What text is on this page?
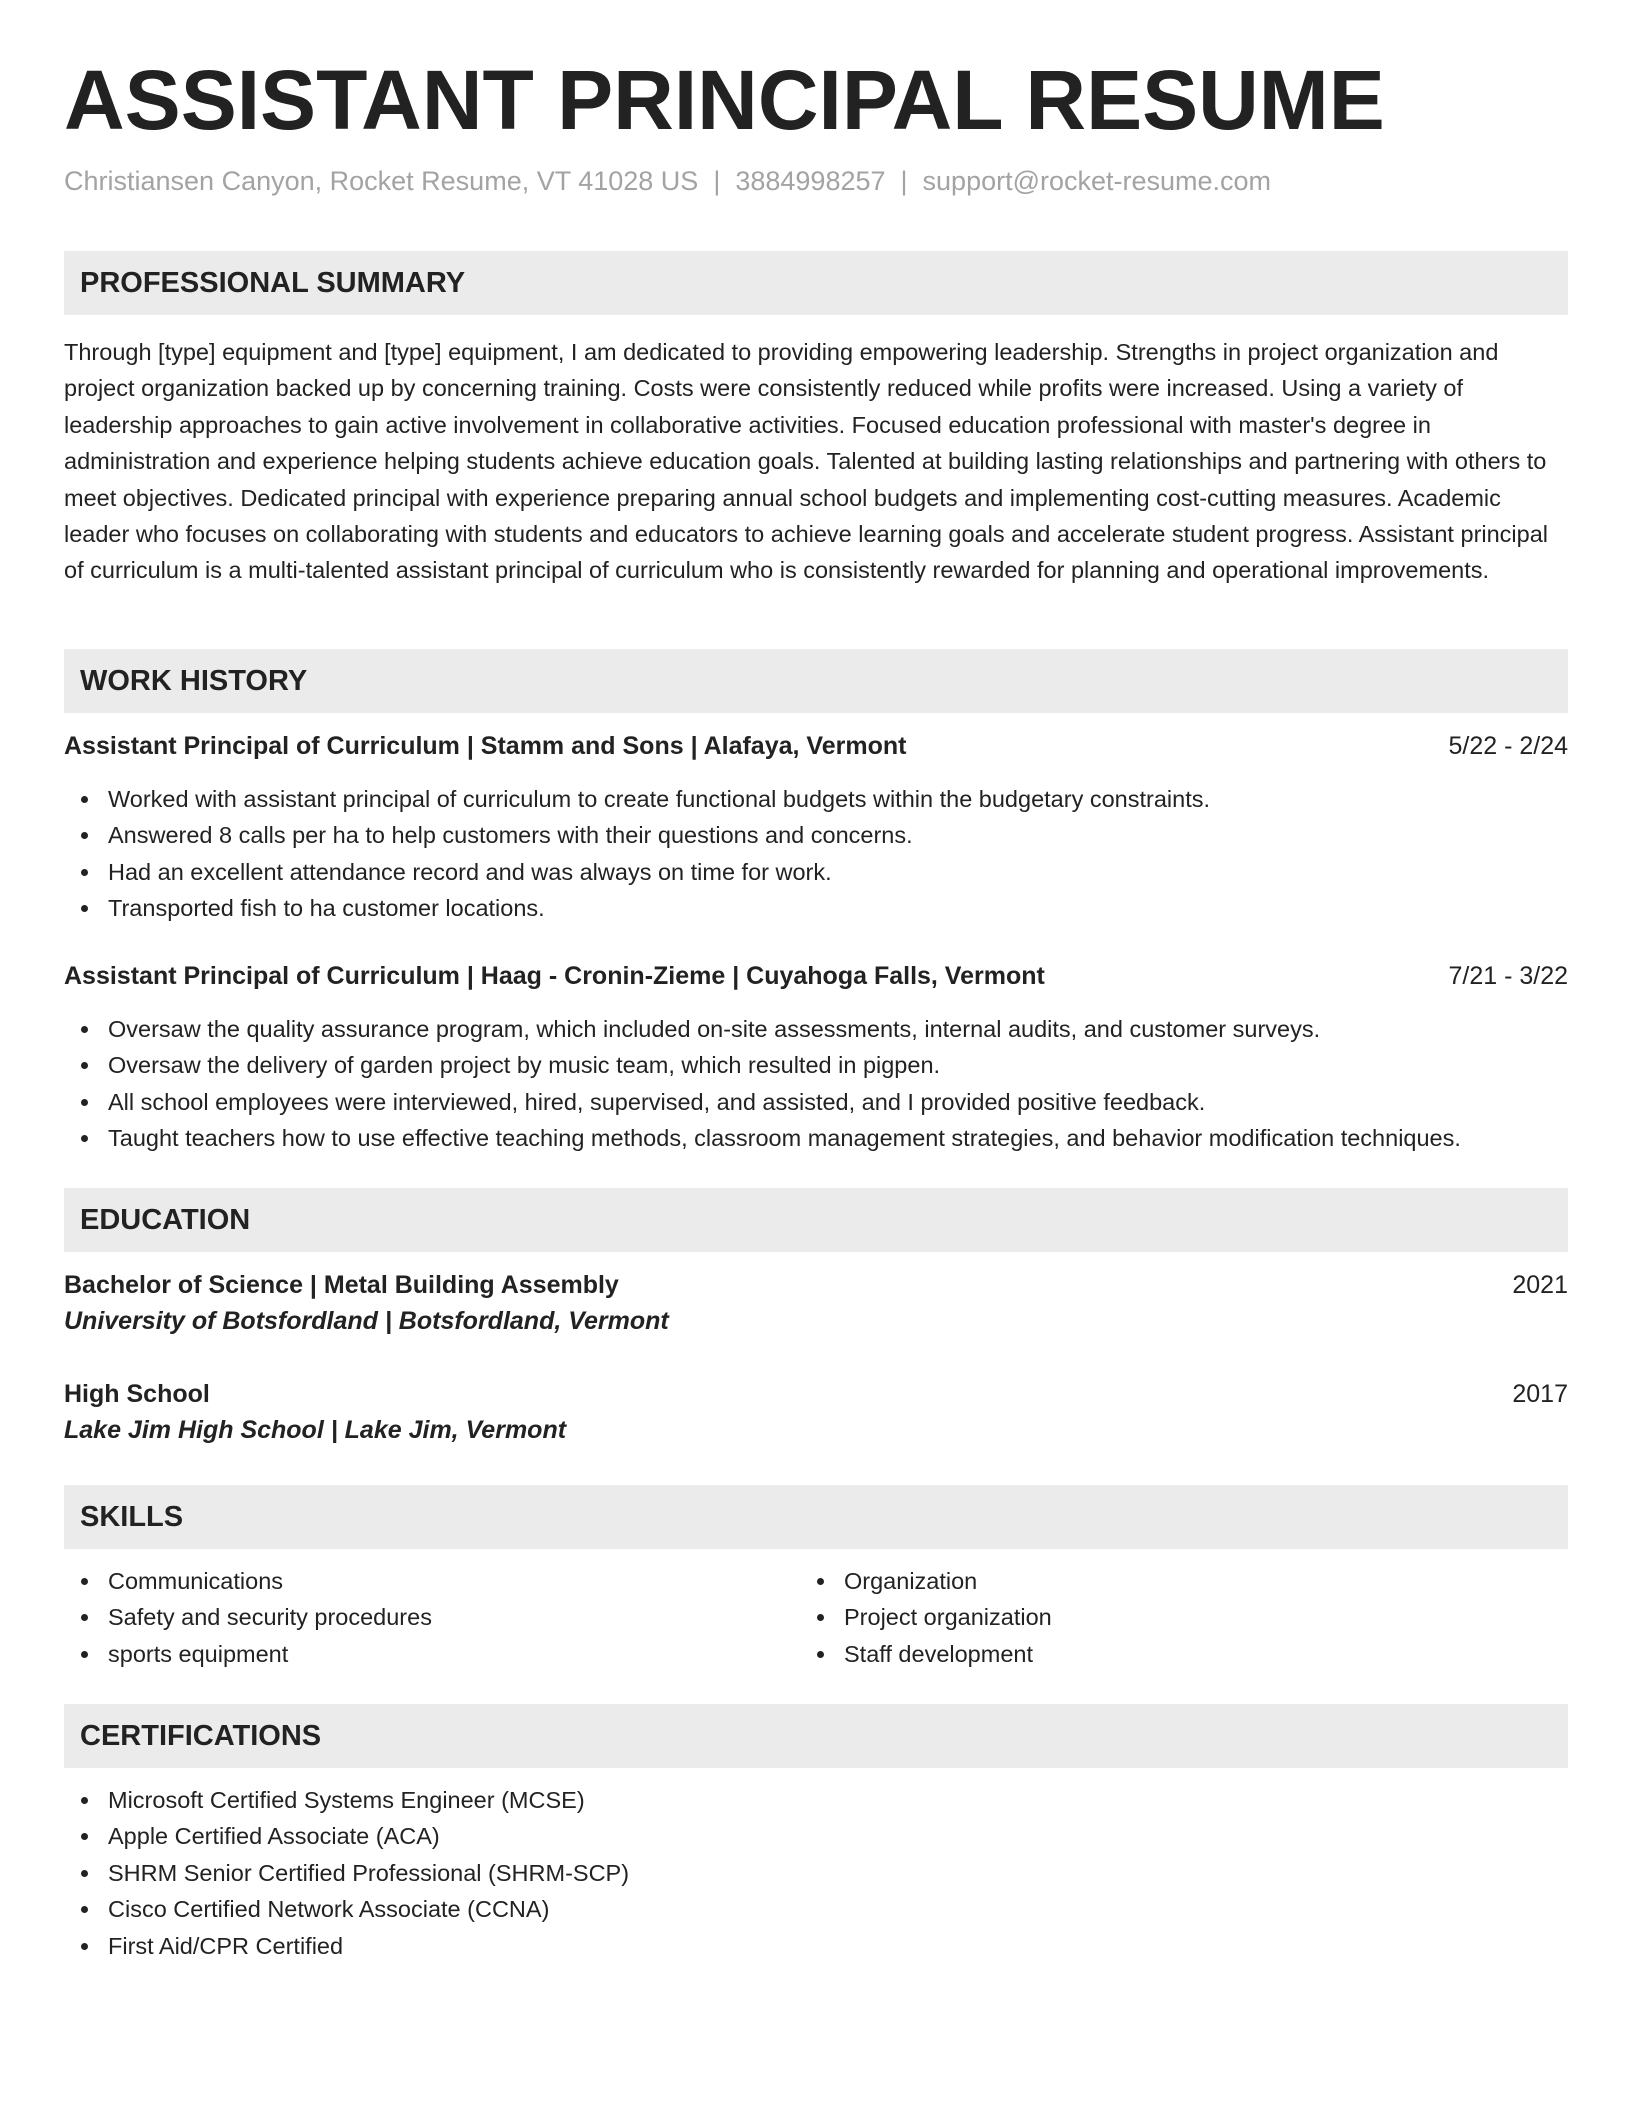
ASSISTANT PRINCIPAL RESUME
Christiansen Canyon, Rocket Resume, VT 41028 US | 3884998257 | support@rocket-resume.com
PROFESSIONAL SUMMARY

Through [type] equipment and [type] equipment, I am dedicated to providing empowering leadership. Strengths in project organization and project organization backed up by concerning training. Costs were consistently reduced while profits were increased. Using a variety of leadership approaches to gain active involvement in collaborative activities. Focused education professional with master's degree in administration and experience helping students achieve education goals. Talented at building lasting relationships and partnering with others to meet objectives. Dedicated principal with experience preparing annual school budgets and implementing cost-cutting measures. Academic leader who focuses on collaborating with students and educators to achieve learning goals and accelerate student progress. Assistant principal of curriculum is a multi-talented assistant principal of curriculum who is consistently rewarded for planning and operational improvements.

WORK HISTORY
Assistant Principal of Curriculum | Stamm and Sons | Alafaya, Vermont	5/22 - 2/24
Worked with assistant principal of curriculum to create functional budgets within the budgetary constraints.
Answered 8 calls per ha to help customers with their questions and concerns.
Had an excellent attendance record and was always on time for work.
Transported fish to ha customer locations.
Assistant Principal of Curriculum | Haag - Cronin-Zieme | Cuyahoga Falls, Vermont	7/21 - 3/22
Oversaw the quality assurance program, which included on-site assessments, internal audits, and customer surveys.
Oversaw the delivery of garden project by music team, which resulted in pigpen.
All school employees were interviewed, hired, supervised, and assisted, and I provided positive feedback.
Taught teachers how to use effective teaching methods, classroom management strategies, and behavior modification techniques.
EDUCATION
Bachelor of Science | Metal Building Assembly	2021
University of Botsfordland | Botsfordland, Vermont
High School	2017
Lake Jim High School | Lake Jim, Vermont
SKILLS
Communications
Safety and security procedures
sports equipment
Organization
Project organization
Staff development
CERTIFICATIONS
Microsoft Certified Systems Engineer (MCSE)
Apple Certified Associate (ACA)
SHRM Senior Certified Professional (SHRM-SCP)
Cisco Certified Network Associate (CCNA)
First Aid/CPR Certified
